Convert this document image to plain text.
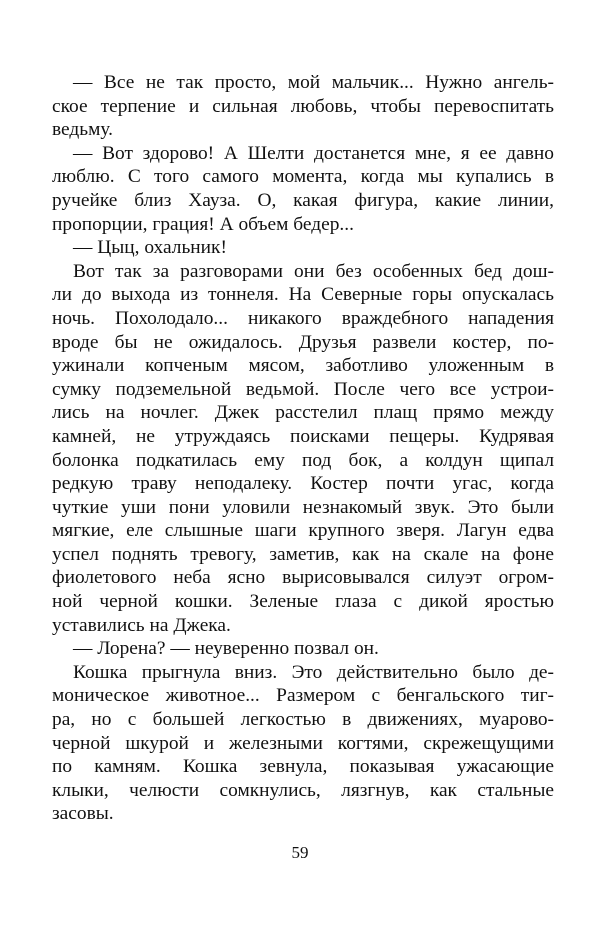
— Все не так просто, мой мальчик... Нужно ангель-
ское терпение и сильная любовь, чтобы перевоспитать
ведьму.
— Вот здорово! А Шелти достанется мне, я ее давно
люблю. С того самого момента, когда мы купались в
ручейке близ Хауза. О, какая фигура, какие линии,
пропорции, грация! А объем бедер...
— Цыц, охальник!
Вот так за разговорами они без особенных бед дош-
ли до выхода из тоннеля. На Северные горы опускалась
ночь. Похолодало... никакого враждебного нападения
вроде бы не ожидалось. Друзья развели костер, по-
ужинали копченым мясом, заботливо уложенным в
сумку подземельной ведьмой. После чего все устрои-
лись на ночлег. Джек расстелил плащ прямо между
камней, не утруждаясь поисками пещеры. Кудрявая
болонка подкатилась ему под бок, а колдун щипал
редкую траву неподалеку. Костер почти угас, когда
чуткие уши пони уловили незнакомый звук. Это были
мягкие, еле слышные шаги крупного зверя. Лагун едва
успел поднять тревогу, заметив, как на скале на фоне
фиолетового неба ясно вырисовывался силуэт огром-
ной черной кошки. Зеленые глаза с дикой яростью
уставились на Джека.
— Лорена? — неуверенно позвал он.
Кошка прыгнула вниз. Это действительно было де-
моническое животное... Размером с бенгальского тиг-
ра, но с большей легкостью в движениях, муарово-
черной шкурой и железными когтями, скрежещущими
по камням. Кошка зевнула, показывая ужасающие
клыки, челюсти сомкнулись, лязгнув, как стальные
засовы.
59
